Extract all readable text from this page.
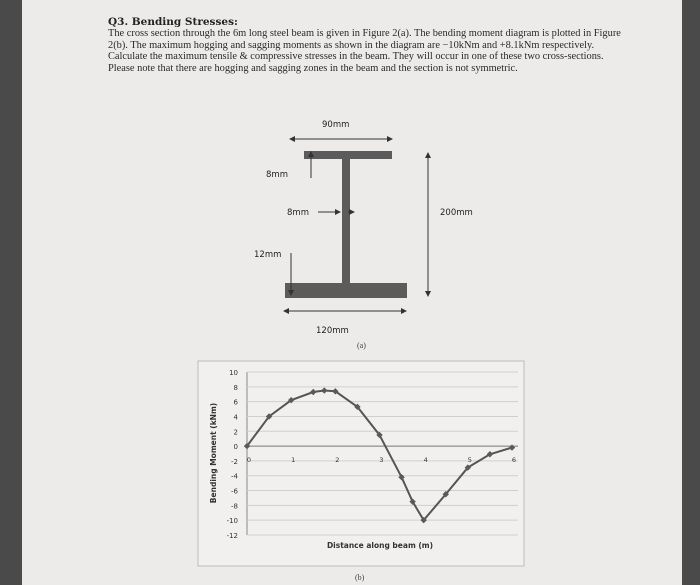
Q3. Bending Stresses:
The cross section through the 6m long steel beam is given in Figure 2(a). The bending moment diagram is plotted in Figure 2(b). The maximum hogging and sagging moments as shown in the diagram are −10kNm and +8.1kNm respectively. Calculate the maximum tensile & compressive stresses in the beam. They will occur in one of these two cross-sections. Please note that there are hogging and sagging zones in the beam and the section is not symmetric.
90mm
8mm
8mm	200mm
12mm
120mm
(a)
10
8
6
4
2
0
-2
-4
-6
-8
-10
-12
0	1	2	3	4	5	6
Bending Moment (kNm)
Distance along beam (m)
(b)
